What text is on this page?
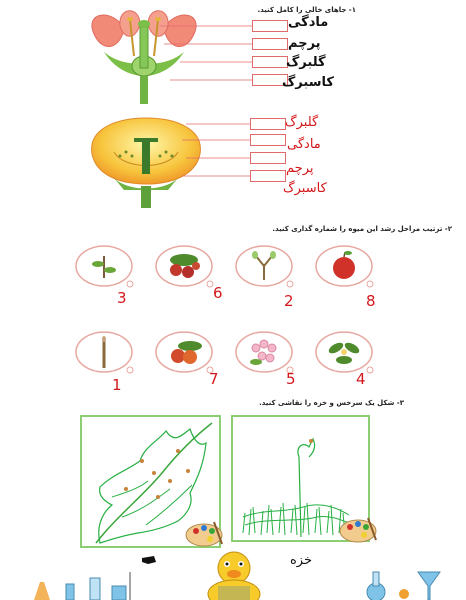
۱- جاهای خالی را کامل کنید.
مادگی
پرچم
گلبرگ
کاسبرگ
گلبرگ
مادگی
پرچم
کاسبرگ
۲- ترتیب مراحل رشد این میوه را شماره گذاری کنید.
3	6	2	8
1	7	5	4
۳- شکل یک سرخس و خزه را نقاشی کنید.
خزه
